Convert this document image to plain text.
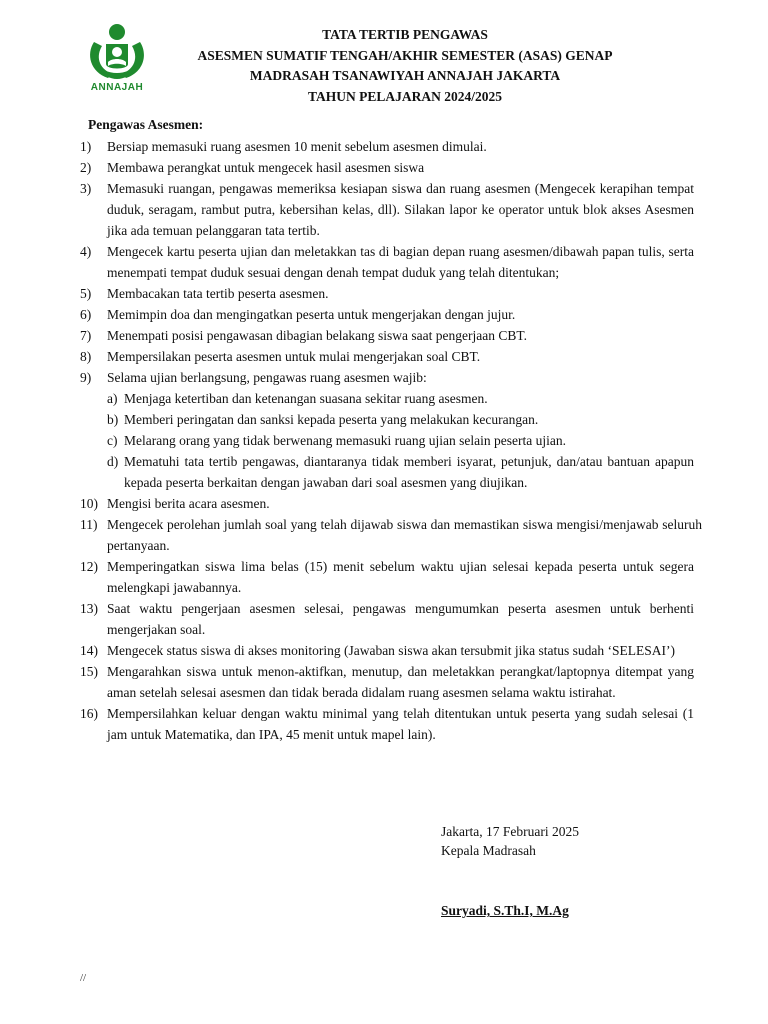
ANNAJAH
TATA TERTIB PENGAWAS
ASESMEN SUMATIF TENGAH/AKHIR SEMESTER (ASAS) GENAP
MADRASAH TSANAWIYAH ANNAJAH JAKARTA
TAHUN PELAJARAN 2024/2025
Pengawas Asesmen:
1)	Bersiap memasuki ruang asesmen 10 menit sebelum asesmen dimulai.
2)	Membawa perangkat untuk mengecek hasil asesmen siswa
3)	Memasuki ruangan, pengawas memeriksa kesiapan siswa dan ruang asesmen (Mengecek kerapihan tempat duduk, seragam, rambut putra, kebersihan kelas, dll). Silakan lapor ke operator untuk blok akses Asesmen jika ada temuan pelanggaran tata tertib.
4)	Mengecek kartu peserta ujian dan meletakkan tas di bagian depan ruang asesmen/dibawah papan tulis, serta menempati tempat duduk sesuai dengan denah tempat duduk yang telah ditentukan;
5)	Membacakan tata tertib peserta asesmen.
6)	Memimpin doa dan mengingatkan peserta untuk mengerjakan dengan jujur.
7)	Menempati posisi pengawasan dibagian belakang siswa saat pengerjaan CBT.
8)	Mempersilakan peserta asesmen untuk mulai mengerjakan soal CBT.
9)	Selama ujian berlangsung, pengawas ruang asesmen wajib:
a) Menjaga ketertiban dan ketenangan suasana sekitar ruang asesmen.
b) Memberi peringatan dan sanksi kepada peserta yang melakukan kecurangan.
c) Melarang orang yang tidak berwenang memasuki ruang ujian selain peserta ujian.
d) Mematuhi tata tertib pengawas, diantaranya tidak memberi isyarat, petunjuk, dan/atau bantuan apapun kepada peserta berkaitan dengan jawaban dari soal asesmen yang diujikan.
10) Mengisi berita acara asesmen.
11) Mengecek perolehan jumlah soal yang telah dijawab siswa dan memastikan siswa mengisi/menjawab seluruh pertanyaan.
12) Memperingatkan siswa lima belas (15) menit sebelum waktu ujian selesai kepada peserta untuk segera melengkapi jawabannya.
13) Saat waktu pengerjaan asesmen selesai, pengawas mengumumkan peserta asesmen untuk berhenti mengerjakan soal.
14) Mengecek status siswa di akses monitoring (Jawaban siswa akan tersubmit jika status sudah ‘SELESAI’)
15) Mengarahkan siswa untuk menon-aktifkan, menutup, dan meletakkan perangkat/laptopnya ditempat yang aman setelah selesai asesmen dan tidak berada didalam ruang asesmen selama waktu istirahat.
16) Mempersilahkan keluar dengan waktu minimal yang telah ditentukan untuk peserta yang sudah selesai (1 jam untuk Matematika, dan IPA, 45 menit untuk mapel lain).
Jakarta, 17 Februari 2025
Kepala Madrasah
Suryadi, S.Th.I, M.Ag
//
